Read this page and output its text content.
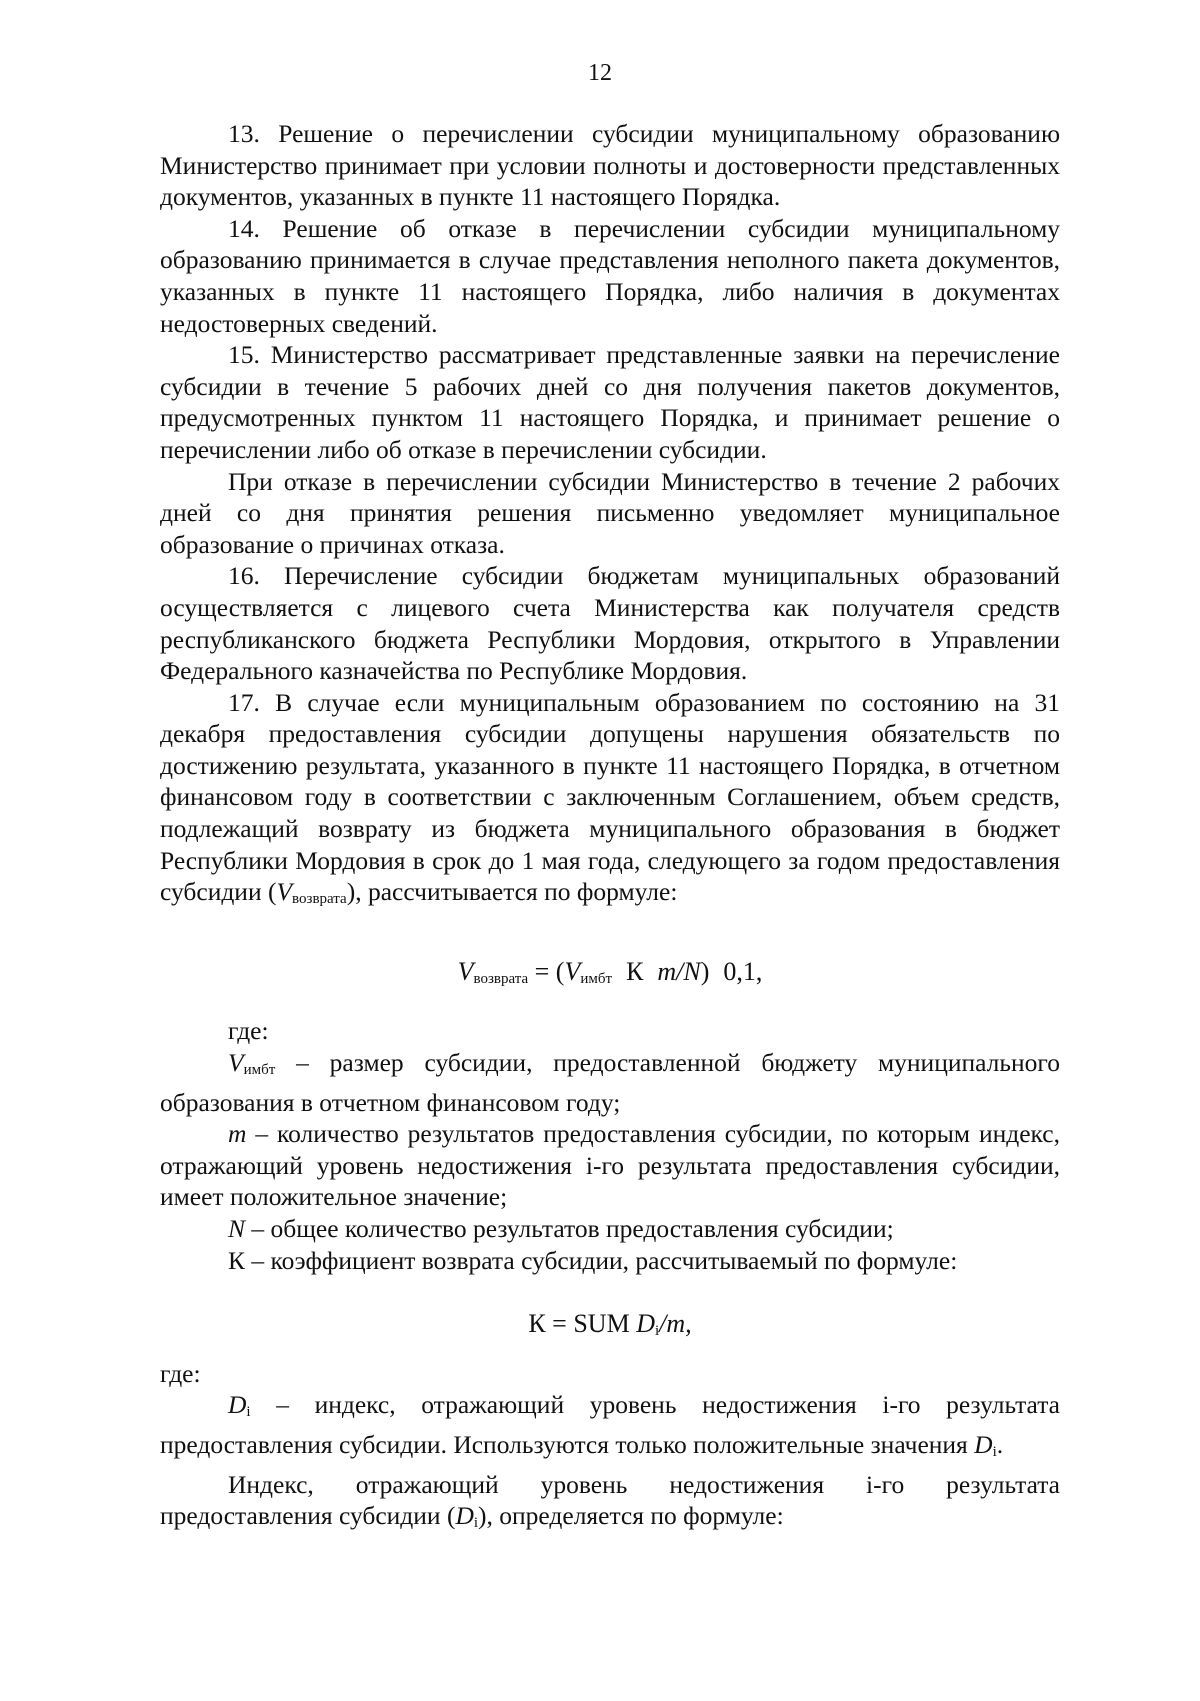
12

13. Решение о перечислении субсидии муниципальному образованию Министерство принимает при условии полноты и достоверности представленных документов, указанных в пункте 11 настоящего Порядка.

14. Решение об отказе в перечислении субсидии муниципальному образованию принимается в случае представления неполного пакета документов, указанных в пункте 11 настоящего Порядка, либо наличия в документах недостоверных сведений.

15. Министерство рассматривает представленные заявки на перечисление субсидии в течение 5 рабочих дней со дня получения пакетов документов, предусмотренных пунктом 11 настоящего Порядка, и принимает решение о перечислении либо об отказе в перечислении субсидии.

При отказе в перечислении субсидии Министерство в течение 2 рабочих дней со дня принятия решения письменно уведомляет муниципальное образование о причинах отказа.

16. Перечисление субсидии бюджетам муниципальных образований осуществляется с лицевого счета Министерства как получателя средств республиканского бюджета Республики Мордовия, открытого в Управлении Федерального казначейства по Республике Мордовия.

17. В случае если муниципальным образованием по состоянию на 31 декабря предоставления субсидии допущены нарушения обязательств по достижению результата, указанного в пункте 11 настоящего Порядка, в отчетном финансовом году в соответствии с заключенным Соглашением, объем средств, подлежащий возврату из бюджета муниципального образования в бюджет Республики Мордовия в срок до 1 мая года, следующего за годом предоставления субсидии $(V_{возврата})$, рассчитывается по формуле:

$V_{возврата} = (V_{имбт}$ К m/N) 0,1,

где:

$V_{имбт}$ – размер субсидии, предоставленной бюджету муниципального образования в отчетном финансовом году;

m – количество результатов предоставления субсидии, по которым индекс, отражающий уровень недостижения i-го результата предоставления субсидии, имеет положительное значение;

N – общее количество результатов предоставления субсидии;

К – коэффициент возврата субсидии, рассчитываемый по формуле:

К = SUM $D_i/m$,

где:

$D_i$ – индекс, отражающий уровень недостижения i-го результата предоставления субсидии. Используются только положительные значения $D_i$.

Индекс, отражающий уровень недостижения i-го результата предоставления субсидии $(D_i)$, определяется по формуле:
